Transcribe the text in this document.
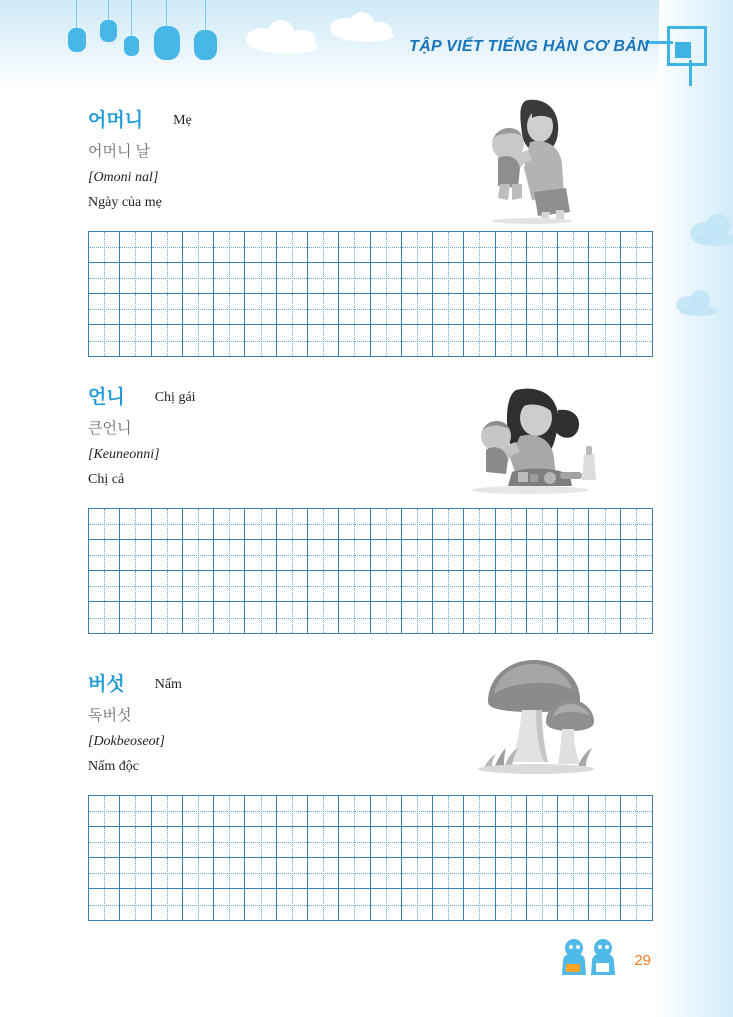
TẬP VIẾT TIẾNG HÀN CƠ BẢN
어머니 Mẹ
어머니 날
[Omoni nal]
Ngày của mẹ
언니 Chị gái
큰언니
[Keuneonni]
Chị cả
버섯 Nấm
독버섯
[Dokbeoseot]
Nấm độc
29
